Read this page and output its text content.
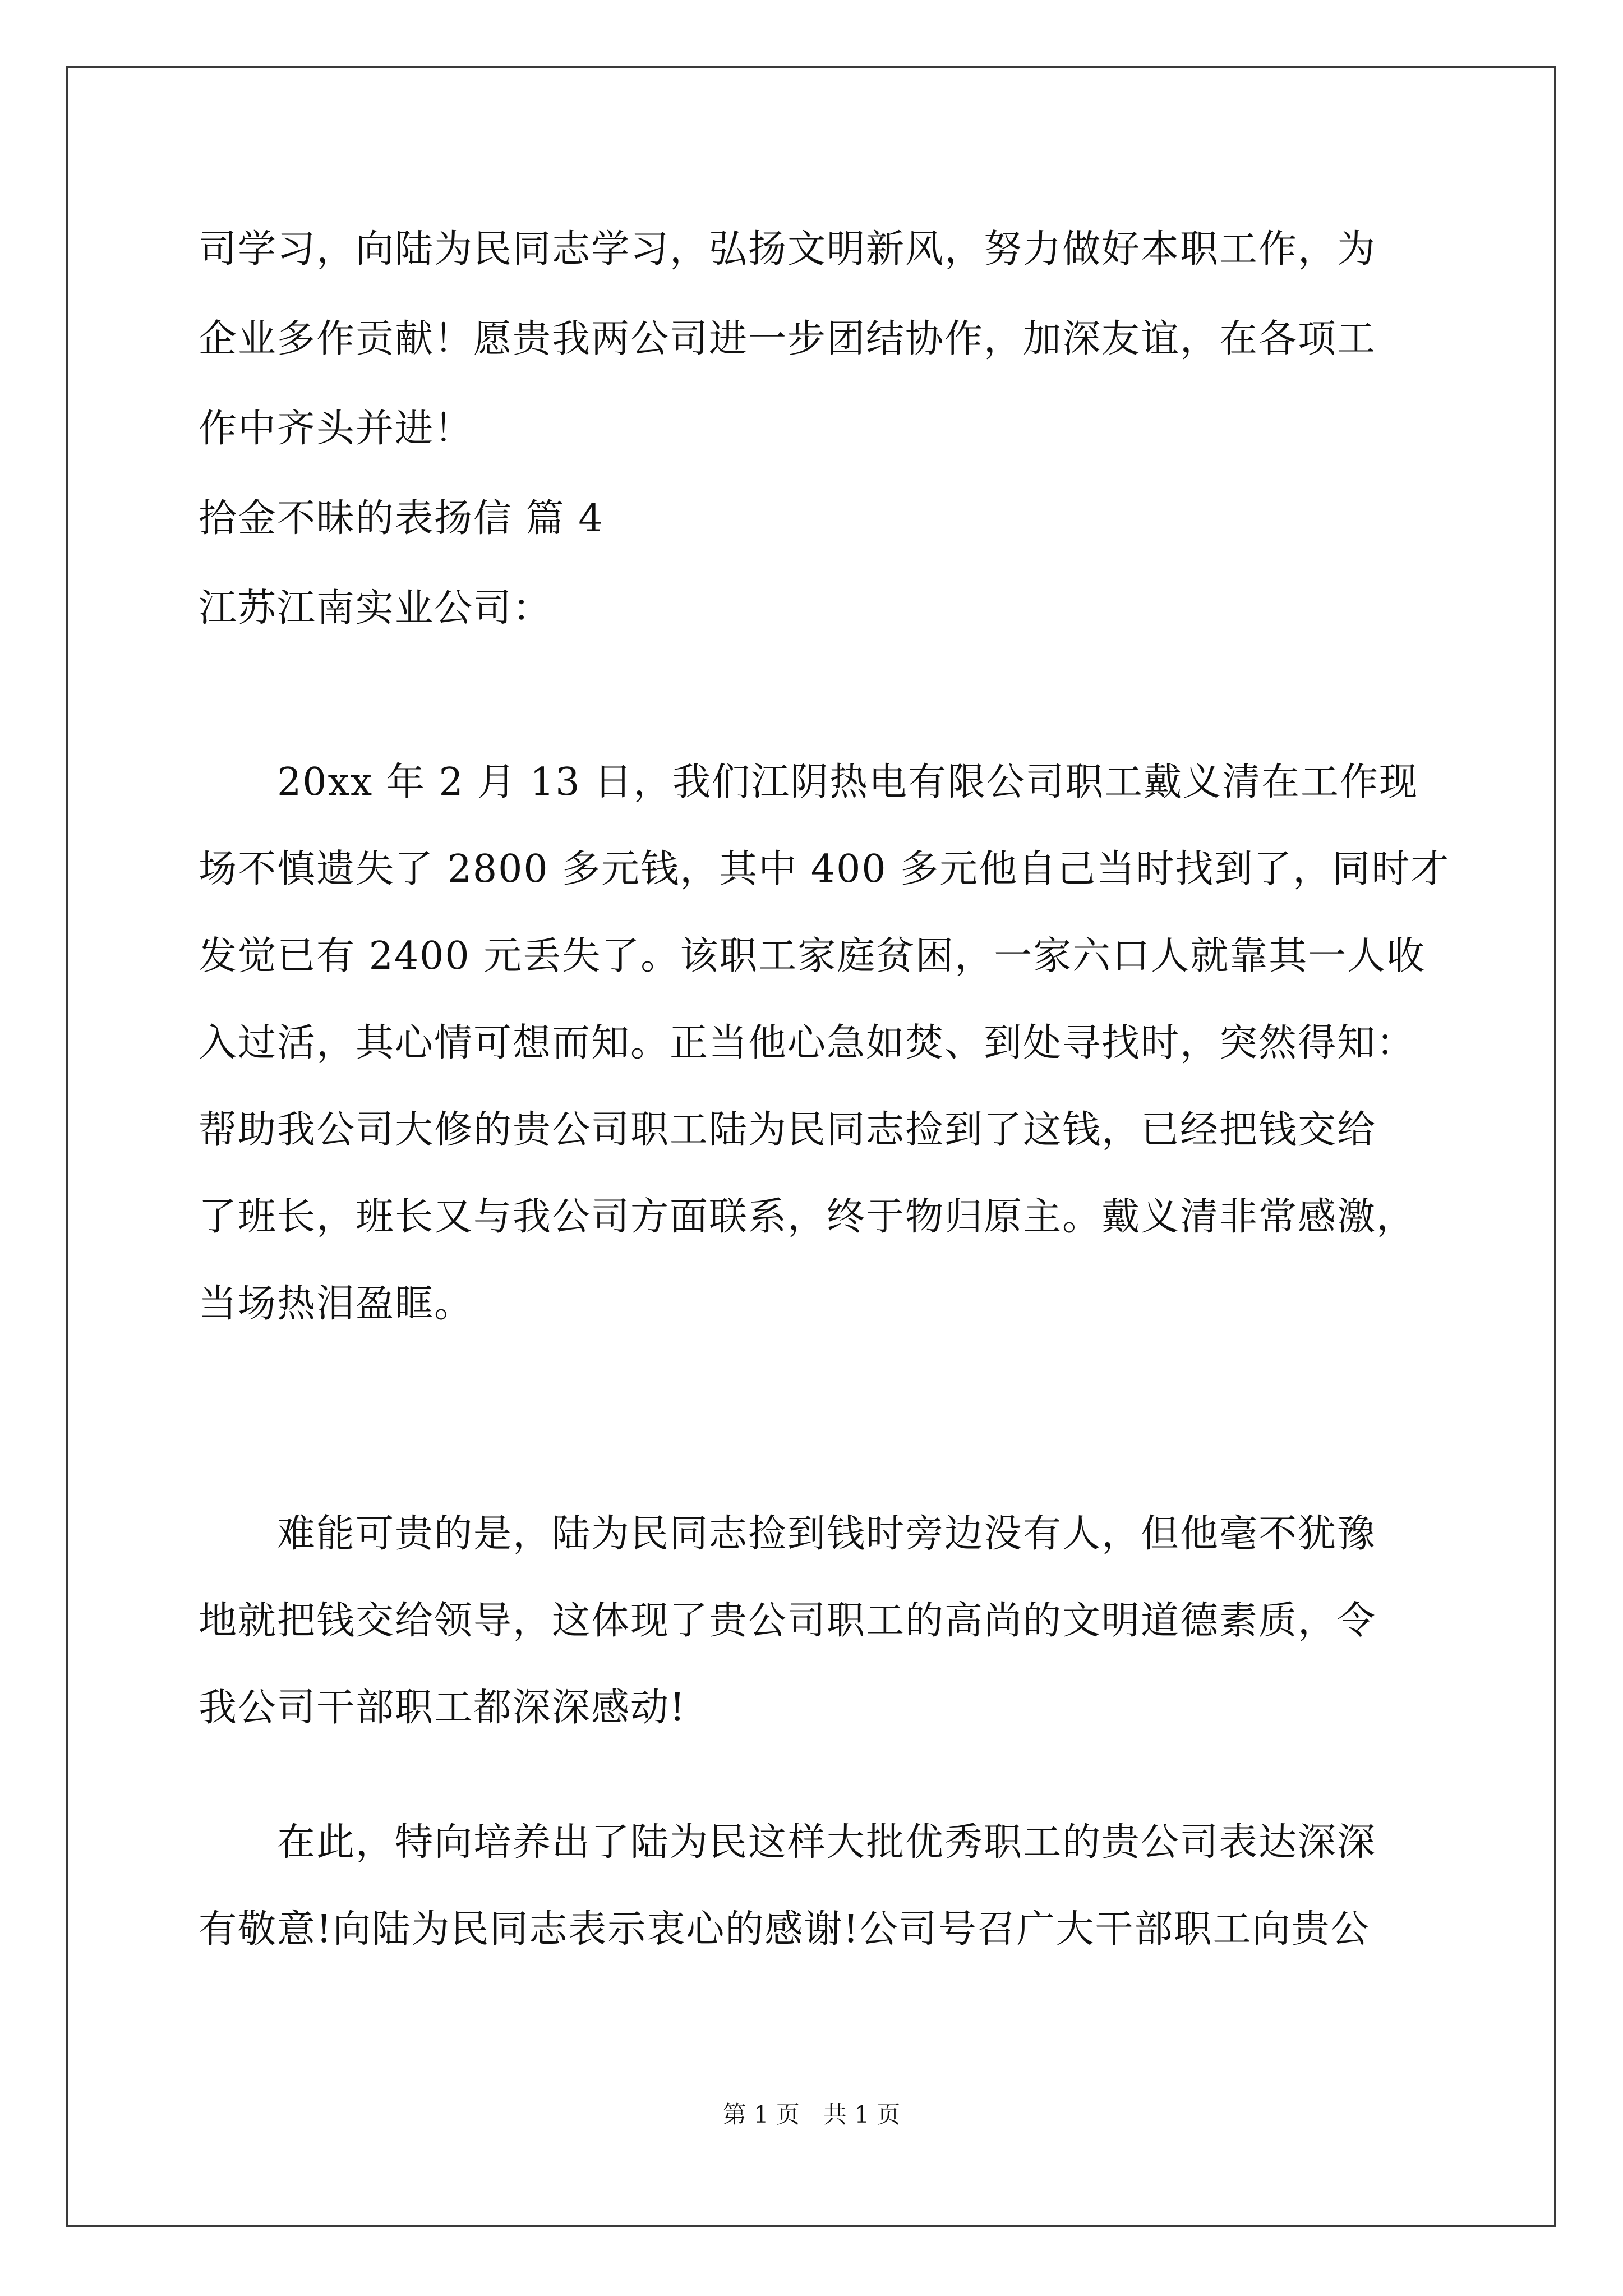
司学习，向陆为民同志学习，弘扬文明新风，努力做好本职工作，为
企业多作贡献！愿贵我两公司进一步团结协作，加深友谊，在各项工
作中齐头并进！
拾金不昧的表扬信 篇 4
江苏江南实业公司：
20xx 年 2 月 13 日，我们江阴热电有限公司职工戴义清在工作现
场不慎遗失了 2800 多元钱，其中 400 多元他自己当时找到了，同时才
发觉已有 2400 元丢失了。该职工家庭贫困，一家六口人就靠其一人收
入过活，其心情可想而知。正当他心急如焚、到处寻找时，突然得知：
帮助我公司大修的贵公司职工陆为民同志捡到了这钱，已经把钱交给
了班长，班长又与我公司方面联系，终于物归原主。戴义清非常感激，
当场热泪盈眶。
难能可贵的是，陆为民同志捡到钱时旁边没有人，但他毫不犹豫
地就把钱交给领导，这体现了贵公司职工的高尚的文明道德素质，令
我公司干部职工都深深感动!
在此，特向培养出了陆为民这样大批优秀职工的贵公司表达深深
有敬意!向陆为民同志表示衷心的感谢!公司号召广大干部职工向贵公
第 1 页　共 1 页
